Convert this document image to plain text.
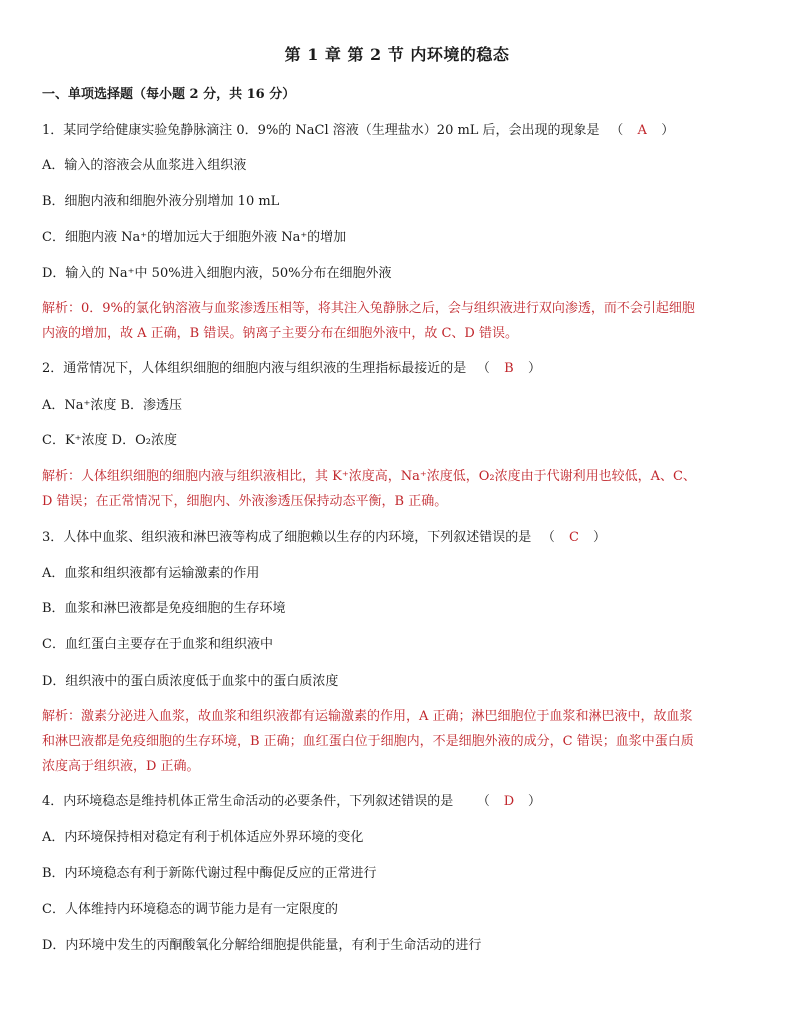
第 1 章 第 2 节 内环境的稳态
一、单项选择题（每小题 2 分，共 16 分）
1．某同学给健康实验兔静脉滴注 0．9%的 NaCl 溶液（生理盐水）20 mL 后，会出现的现象是 　（　A　）
A．输入的溶液会从血浆进入组织液
B．细胞内液和细胞外液分别增加 10 mL
C．细胞内液 Na⁺的增加远大于细胞外液 Na⁺的增加
D．输入的 Na⁺中 50%进入细胞内液，50%分布在细胞外液
解析：0．9%的氯化钠溶液与血浆渗透压相等，将其注入兔静脉之后，会与组织液进行双向渗透，而不会引起细胞
内液的增加，故 A 正确，B 错误。钠离子主要分布在细胞外液中，故 C、D 错误。
2．通常情况下，人体组织细胞的细胞内液与组织液的生理指标最接近的是 　（　B　）
A．Na⁺浓度 B．渗透压
C．K⁺浓度 D．O₂浓度
解析：人体组织细胞的细胞内液与组织液相比，其 K⁺浓度高，Na⁺浓度低，O₂浓度由于代谢利用也较低，A、C、
D 错误；在正常情况下，细胞内、外液渗透压保持动态平衡，B 正确。
3．人体中血浆、组织液和淋巴液等构成了细胞赖以生存的内环境，下列叙述错误的是 　（　C　）
A．血浆和组织液都有运输激素的作用
B．血浆和淋巴液都是免疫细胞的生存环境
C．血红蛋白主要存在于血浆和组织液中
D．组织液中的蛋白质浓度低于血浆中的蛋白质浓度
解析：激素分泌进入血浆，故血浆和组织液都有运输激素的作用，A 正确；淋巴细胞位于血浆和淋巴液中，故血浆
和淋巴液都是免疫细胞的生存环境，B 正确；血红蛋白位于细胞内，不是细胞外液的成分，C 错误；血浆中蛋白质
浓度高于组织液，D 正确。
4．内环境稳态是维持机体正常生命活动的必要条件，下列叙述错误的是 　　（　D　）
A．内环境保持相对稳定有利于机体适应外界环境的变化
B．内环境稳态有利于新陈代谢过程中酶促反应的正常进行
C．人体维持内环境稳态的调节能力是有一定限度的
D．内环境中发生的丙酮酸氧化分解给细胞提供能量，有利于生命活动的进行
